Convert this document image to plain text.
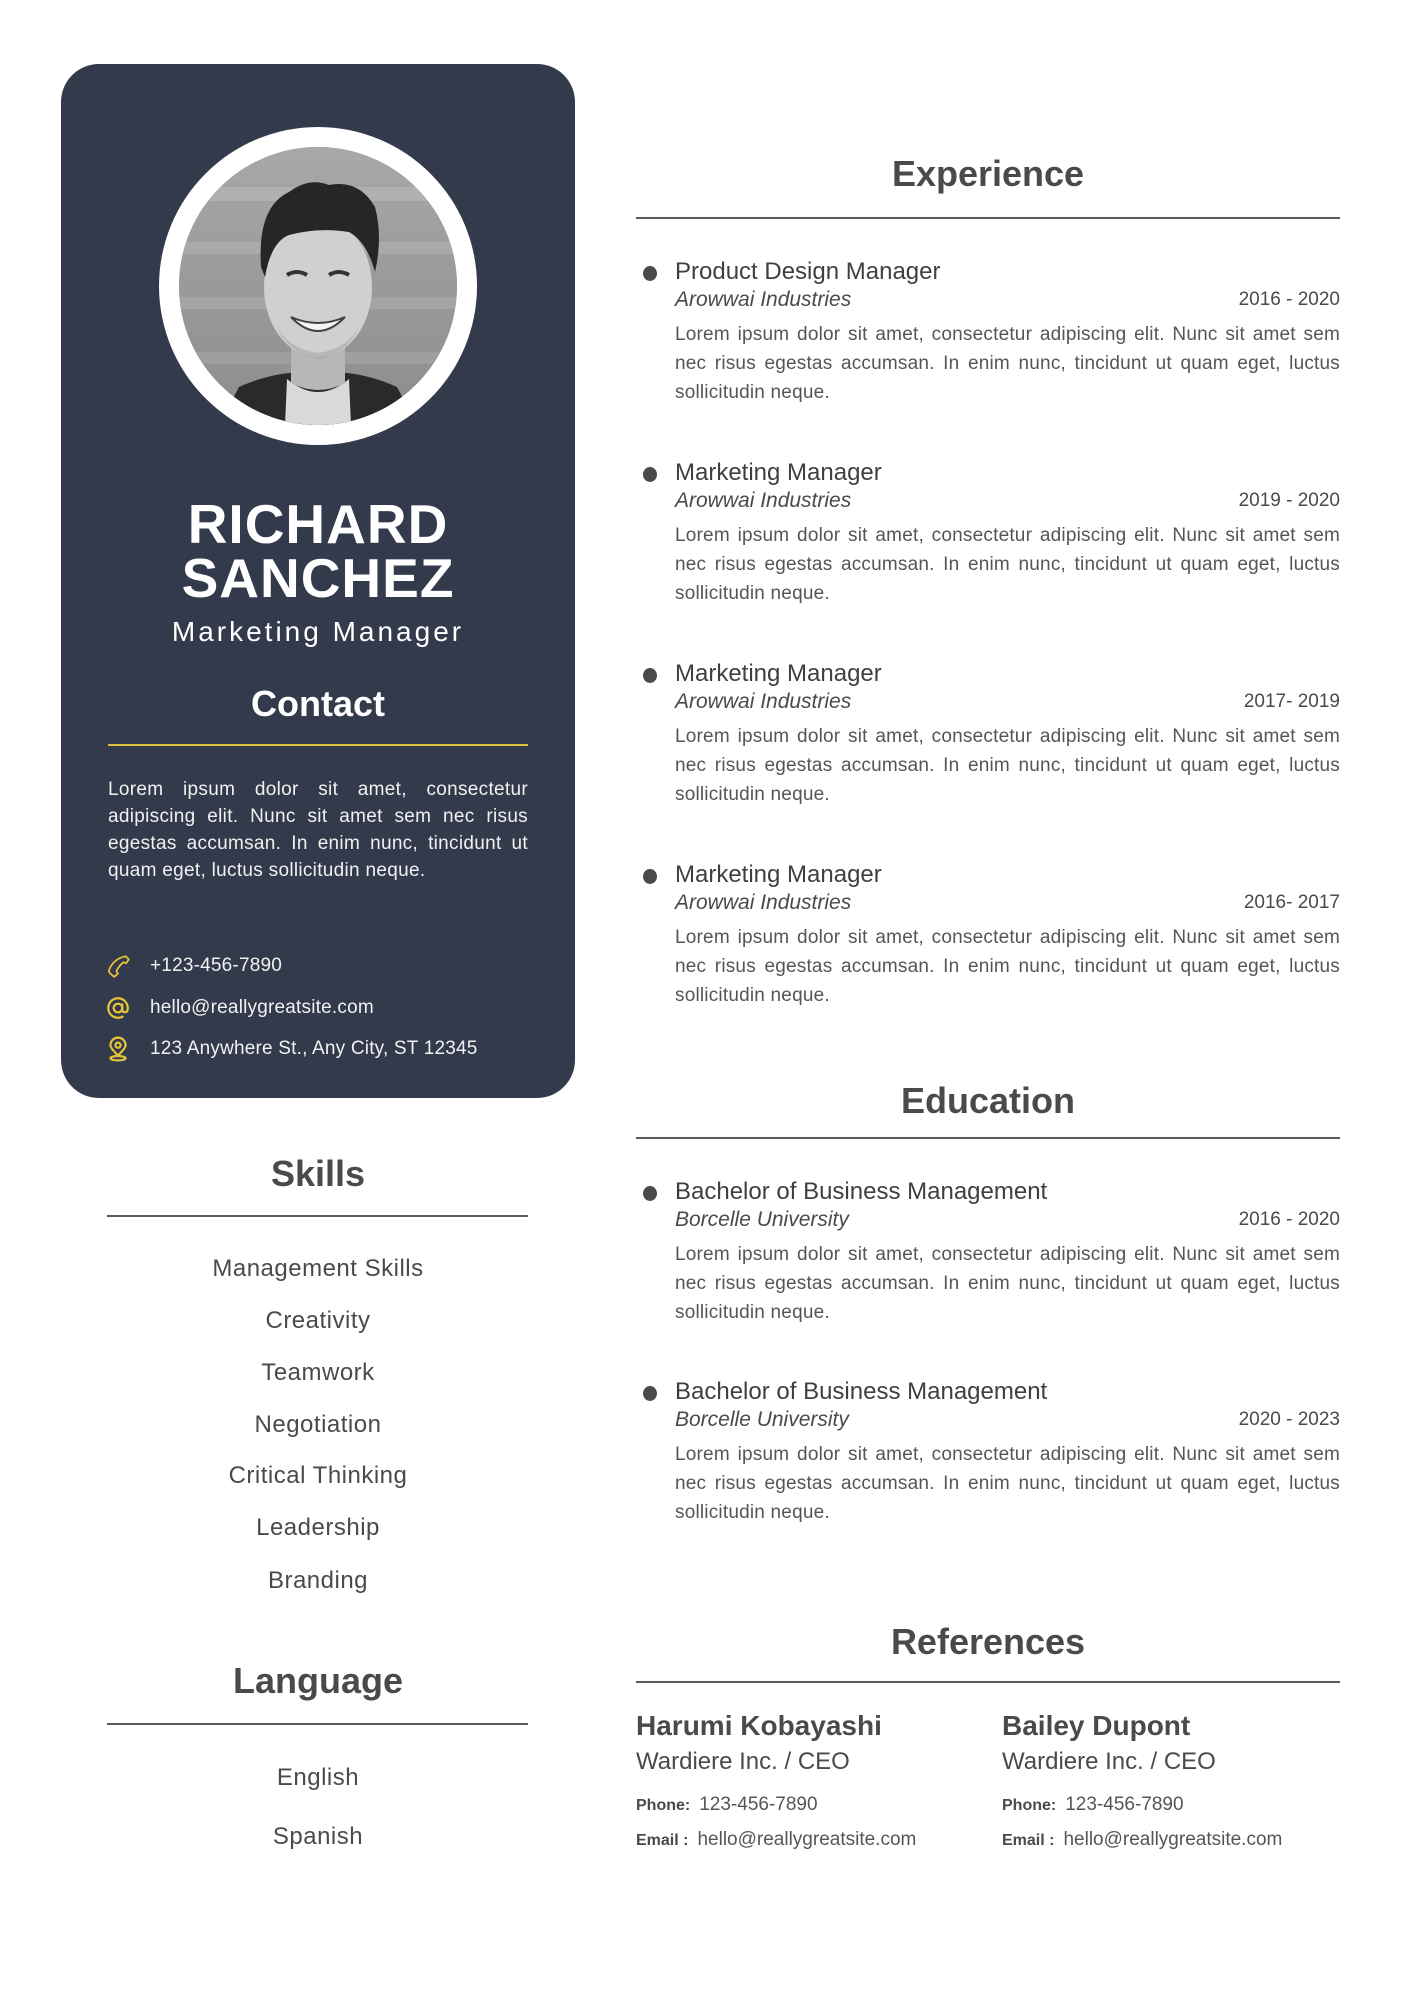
RICHARD
SANCHEZ
Marketing Manager
Contact
Lorem ipsum dolor sit amet, consectetur adipiscing elit. Nunc sit amet sem nec risus egestas accumsan. In enim nunc, tincidunt ut quam eget, luctus sollicitudin neque.
+123-456-7890
hello@reallygreatsite.com
123 Anywhere St., Any City, ST 12345
Skills
Management Skills
Creativity
Teamwork
Negotiation
Critical Thinking
Leadership
Branding
Language
English
Spanish
Experience
Product Design Manager
Arowwai Industries	2016 - 2020
Lorem ipsum dolor sit amet, consectetur adipiscing elit. Nunc sit amet sem nec risus egestas accumsan. In enim nunc, tincidunt ut quam eget, luctus sollicitudin neque.
Marketing Manager
Arowwai Industries	2019 - 2020
Lorem ipsum dolor sit amet, consectetur adipiscing elit. Nunc sit amet sem nec risus egestas accumsan. In enim nunc, tincidunt ut quam eget, luctus sollicitudin neque.
Marketing Manager
Arowwai Industries	2017- 2019
Lorem ipsum dolor sit amet, consectetur adipiscing elit. Nunc sit amet sem nec risus egestas accumsan. In enim nunc, tincidunt ut quam eget, luctus sollicitudin neque.
Marketing Manager
Arowwai Industries	2016- 2017
Lorem ipsum dolor sit amet, consectetur adipiscing elit. Nunc sit amet sem nec risus egestas accumsan. In enim nunc, tincidunt ut quam eget, luctus sollicitudin neque.
Education
Bachelor of Business Management
Borcelle University	2016 - 2020
Lorem ipsum dolor sit amet, consectetur adipiscing elit. Nunc sit amet sem nec risus egestas accumsan. In enim nunc, tincidunt ut quam eget, luctus sollicitudin neque.
Bachelor of Business Management
Borcelle University	2020 - 2023
Lorem ipsum dolor sit amet, consectetur adipiscing elit. Nunc sit amet sem nec risus egestas accumsan. In enim nunc, tincidunt ut quam eget, luctus sollicitudin neque.
References
Harumi Kobayashi
Wardiere Inc. / CEO
Phone: 123-456-7890
Email : hello@reallygreatsite.com
Bailey Dupont
Wardiere Inc. / CEO
Phone: 123-456-7890
Email : hello@reallygreatsite.com
